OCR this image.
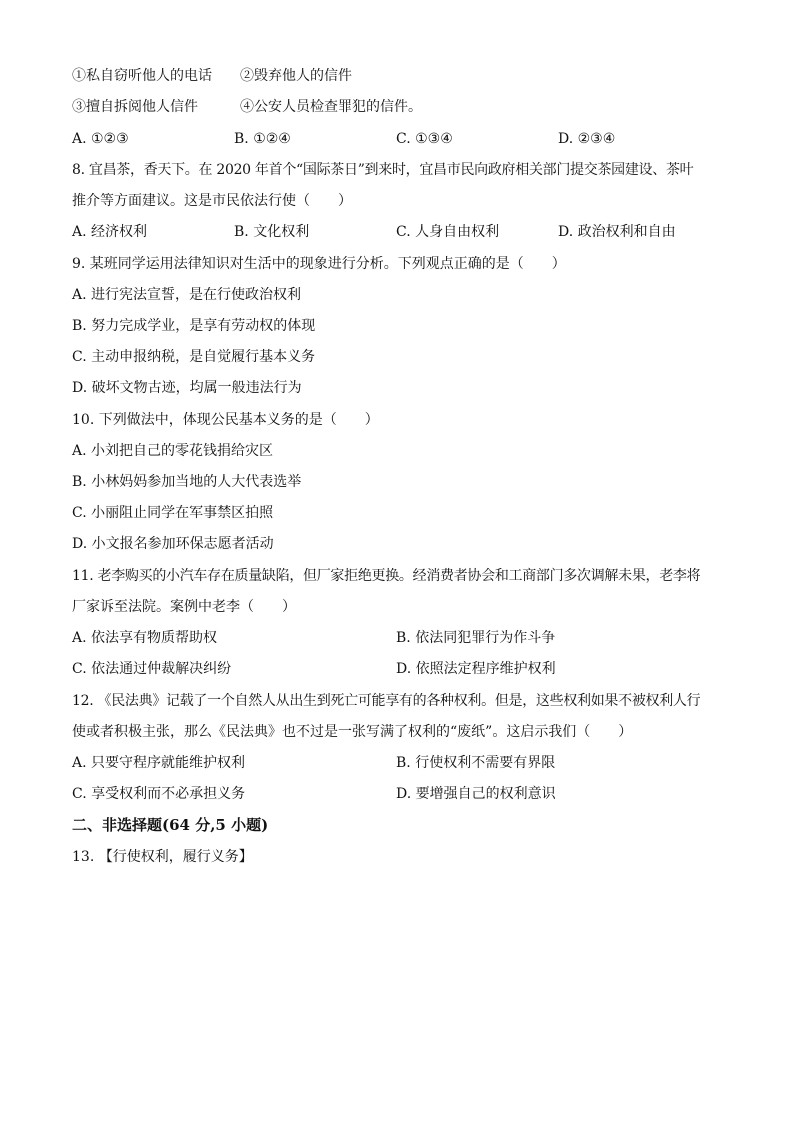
①私自窃听他人的电话　　②毁弃他人的信件
③擅自拆阅他人信件　　　④公安人员检查罪犯的信件。
A. ①②③	B. ①②④	C. ①③④	D. ②③④
8. 宜昌茶，香天下。在 2020 年首个“国际茶日”到来时，宜昌市民向政府相关部门提交茶园建设、茶叶
推介等方面建议。这是市民依法行使（　　）
A. 经济权利	B. 文化权利	C. 人身自由权利	D. 政治权利和自由
9. 某班同学运用法律知识对生活中的现象进行分析。下列观点正确的是（　　）
A. 进行宪法宣誓，是在行使政治权利
B. 努力完成学业，是享有劳动权的体现
C. 主动申报纳税，是自觉履行基本义务
D. 破坏文物古迹，均属一般违法行为
10. 下列做法中，体现公民基本义务的是（　　）
A. 小刘把自己的零花钱捐给灾区
B. 小林妈妈参加当地的人大代表选举
C. 小丽阻止同学在军事禁区拍照
D. 小文报名参加环保志愿者活动
11. 老李购买的小汽车存在质量缺陷，但厂家拒绝更换。经消费者协会和工商部门多次调解未果，老李将
厂家诉至法院。案例中老李（　　）
A. 依法享有物质帮助权	B. 依法同犯罪行为作斗争
C. 依法通过仲裁解决纠纷	D. 依照法定程序维护权利
12. 《民法典》记载了一个自然人从出生到死亡可能享有的各种权利。但是，这些权利如果不被权利人行
使或者积极主张，那么《民法典》也不过是一张写满了权利的“废纸”。这启示我们（　　）
A. 只要守程序就能维护权利	B. 行使权利不需要有界限
C. 享受权利而不必承担义务	D. 要增强自己的权利意识
二、非选择题(64 分,5 小题)
13. 【行使权利，履行义务】
